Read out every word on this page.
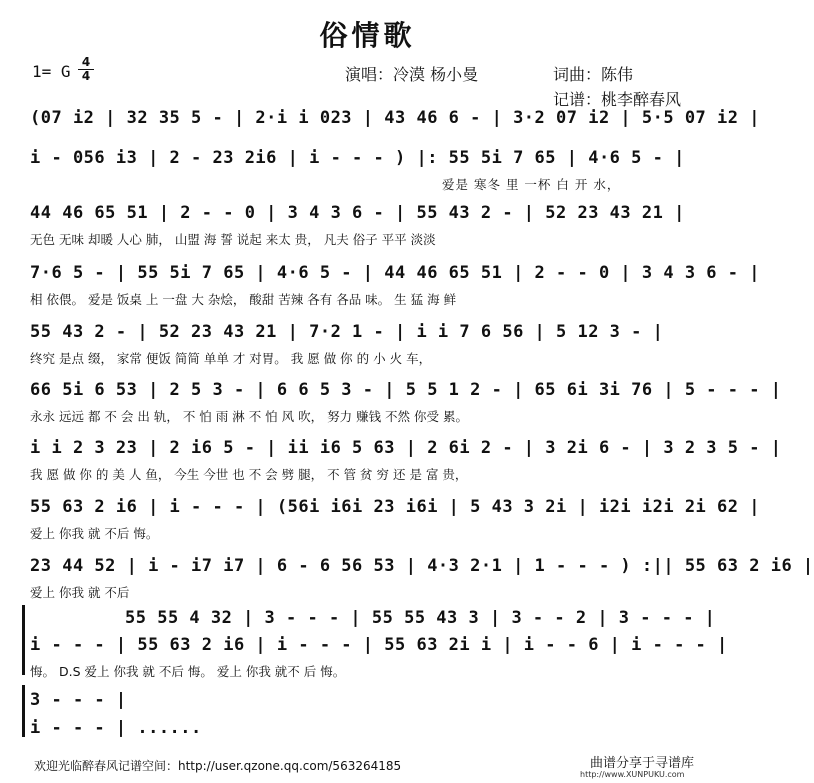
俗情歌
1= G 4
4	演唱：冷漠 杨小曼	词曲：陈伟
记谱：桃李醉春风
(07 i2 | 32 35 5 - | 2·i i 023 | 43 46 6 - | 3·2 07 i2 | 5·5 07 i2 |
i - 056 i3 | 2 - 23 2i6 | i - - - ) |: 55 5i 7 65 | 4·6 5 - |
爱是 寒冬 里 一杯 白 开 水，
44 46 65 51 | 2 - - 0 | 3 4 3 6 - | 55 43 2 - | 52 23 43 21 |
无色 无味 却暖 人心 肺， 山盟 海 誓 说起 来太 贵， 凡夫 俗子 平平 淡淡
7·6 5 - | 55 5i 7 65 | 4·6 5 - | 44 46 65 51 | 2 - - 0 | 3 4 3 6 - |
相 依偎。 爱是 饭桌 上 一盘 大 杂烩， 酸甜 苦辣 各有 各品 味。 生 猛 海 鲜
55 43 2 - | 52 23 43 21 | 7·2 1 - | i i 7 6 56 | 5 12 3 - |
终究 是点 缀， 家常 便饭 简简 单单 才 对胃。 我 愿 做 你 的 小 火 车，
66 5i 6 53 | 2 5 3 - | 6 6 5 3 - | 5 5 1 2 - | 65 6i 3i 76 | 5 - - - |
永永 远远 都 不 会 出 轨， 不 怕 雨 淋 不 怕 风 吹， 努力 赚钱 不然 你受 累。
i i 2 3 23 | 2 i6 5 - | ii i6 5 63 | 2 6i 2 - | 3 2i 6 - | 3 2 3 5 - |
我 愿 做 你 的 美 人 鱼， 今生 今世 也 不 会 劈 腿， 不 管 贫 穷 还 是 富 贵，
55 63 2 i6 | i - - - | (56i i6i 23 i6i | 5 43 3 2i | i2i i2i 2i 62 |
爱上 你我 就 不后 悔。
23 44 52 | i - i7 i7 | 6 - 6 56 53 | 4·3 2·1 | 1 - - - ) :|| 55 63 2 i6 |
爱上 你我 就 不后
55 55 4 32 | 3 - - - | 55 55 43 3 | 3 - - 2 | 3 - - - |
i - - - | 55 63 2 i6 | i - - - | 55 63 2i i | i - - 6 | i - - - |
悔。 D.S 爱上 你我 就 不后 悔。 爱上 你我 就不 后 悔。
3 - - - |
i - - - | ......
欢迎光临醉春风记谱空间：http://user.qzone.qq.com/563264185	曲谱分享于寻谱库
http://www.XUNPUKU.com
